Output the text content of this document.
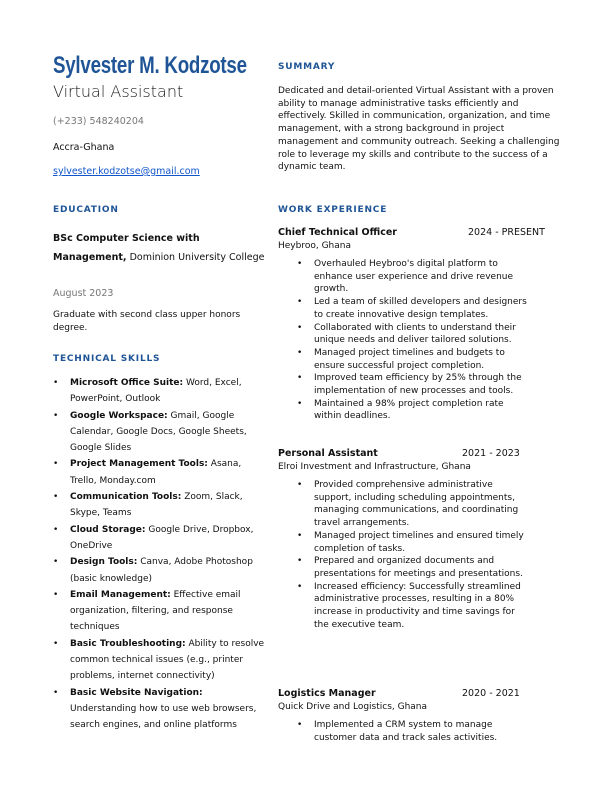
Sylvester M. Kodzotse
Virtual Assistant
(+233) 548240204
Accra-Ghana
sylvester.kodzotse@gmail.com
EDUCATION
BSc Computer Science with Management, Dominion University College
August 2023
Graduate with second class upper honors degree.
TECHNICAL SKILLS
• Microsoft Office Suite: Word, Excel, PowerPoint, Outlook
• Google Workspace: Gmail, Google Calendar, Google Docs, Google Sheets, Google Slides
• Project Management Tools: Asana, Trello, Monday.com
• Communication Tools: Zoom, Slack, Skype, Teams
• Cloud Storage: Google Drive, Dropbox, OneDrive
• Design Tools: Canva, Adobe Photoshop (basic knowledge)
• Email Management: Effective email organization, filtering, and response techniques
• Basic Troubleshooting: Ability to resolve common technical issues (e.g., printer problems, internet connectivity)
• Basic Website Navigation: Understanding how to use web browsers, search engines, and online platforms
SUMMARY
Dedicated and detail-oriented Virtual Assistant with a proven ability to manage administrative tasks efficiently and effectively. Skilled in communication, organization, and time management, with a strong background in project management and community outreach. Seeking a challenging role to leverage my skills and contribute to the success of a dynamic team.
WORK EXPERIENCE
Chief Technical Officer	2024 - PRESENT
Heybroo, Ghana
• Overhauled Heybroo's digital platform to enhance user experience and drive revenue growth.
• Led a team of skilled developers and designers to create innovative design templates.
• Collaborated with clients to understand their unique needs and deliver tailored solutions.
• Managed project timelines and budgets to ensure successful project completion.
• Improved team efficiency by 25% through the implementation of new processes and tools.
• Maintained a 98% project completion rate within deadlines.
Personal Assistant	2021 - 2023
Elroi Investment and Infrastructure, Ghana
• Provided comprehensive administrative support, including scheduling appointments, managing communications, and coordinating travel arrangements.
• Managed project timelines and ensured timely completion of tasks.
• Prepared and organized documents and presentations for meetings and presentations.
• Increased efficiency: Successfully streamlined administrative processes, resulting in a 80% increase in productivity and time savings for the executive team.
Logistics Manager	2020 - 2021
Quick Drive and Logistics, Ghana
• Implemented a CRM system to manage customer data and track sales activities.
